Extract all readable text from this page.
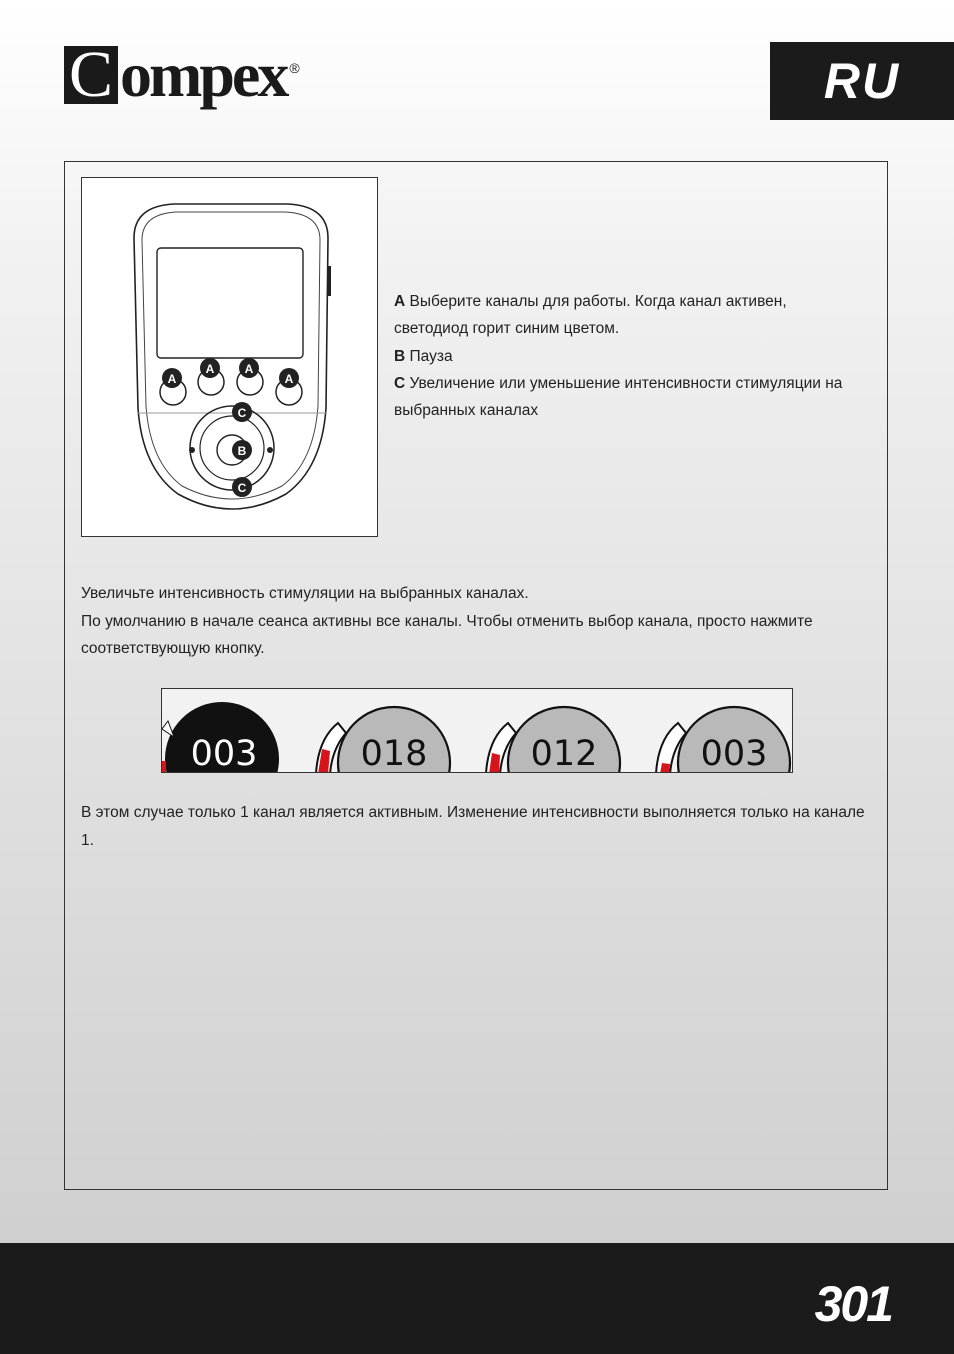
C ompex ®	RU
A
A	A
A
C
B
C
A Выберите каналы для работы. Когда канал активен, светодиод горит синим цветом.
B Пауза
C Увеличение или уменьшение интенсивности стимуляции на выбранных каналах
Увеличьте интенсивность стимуляции на выбранных каналах.
По умолчанию в начале сеанса активны все каналы. Чтобы отменить выбор канала, просто нажмите соответствующую кнопку.
003	018	012	003
В этом случае только 1 канал является активным. Изменение интенсивности выполняется только на канале 1.
301
